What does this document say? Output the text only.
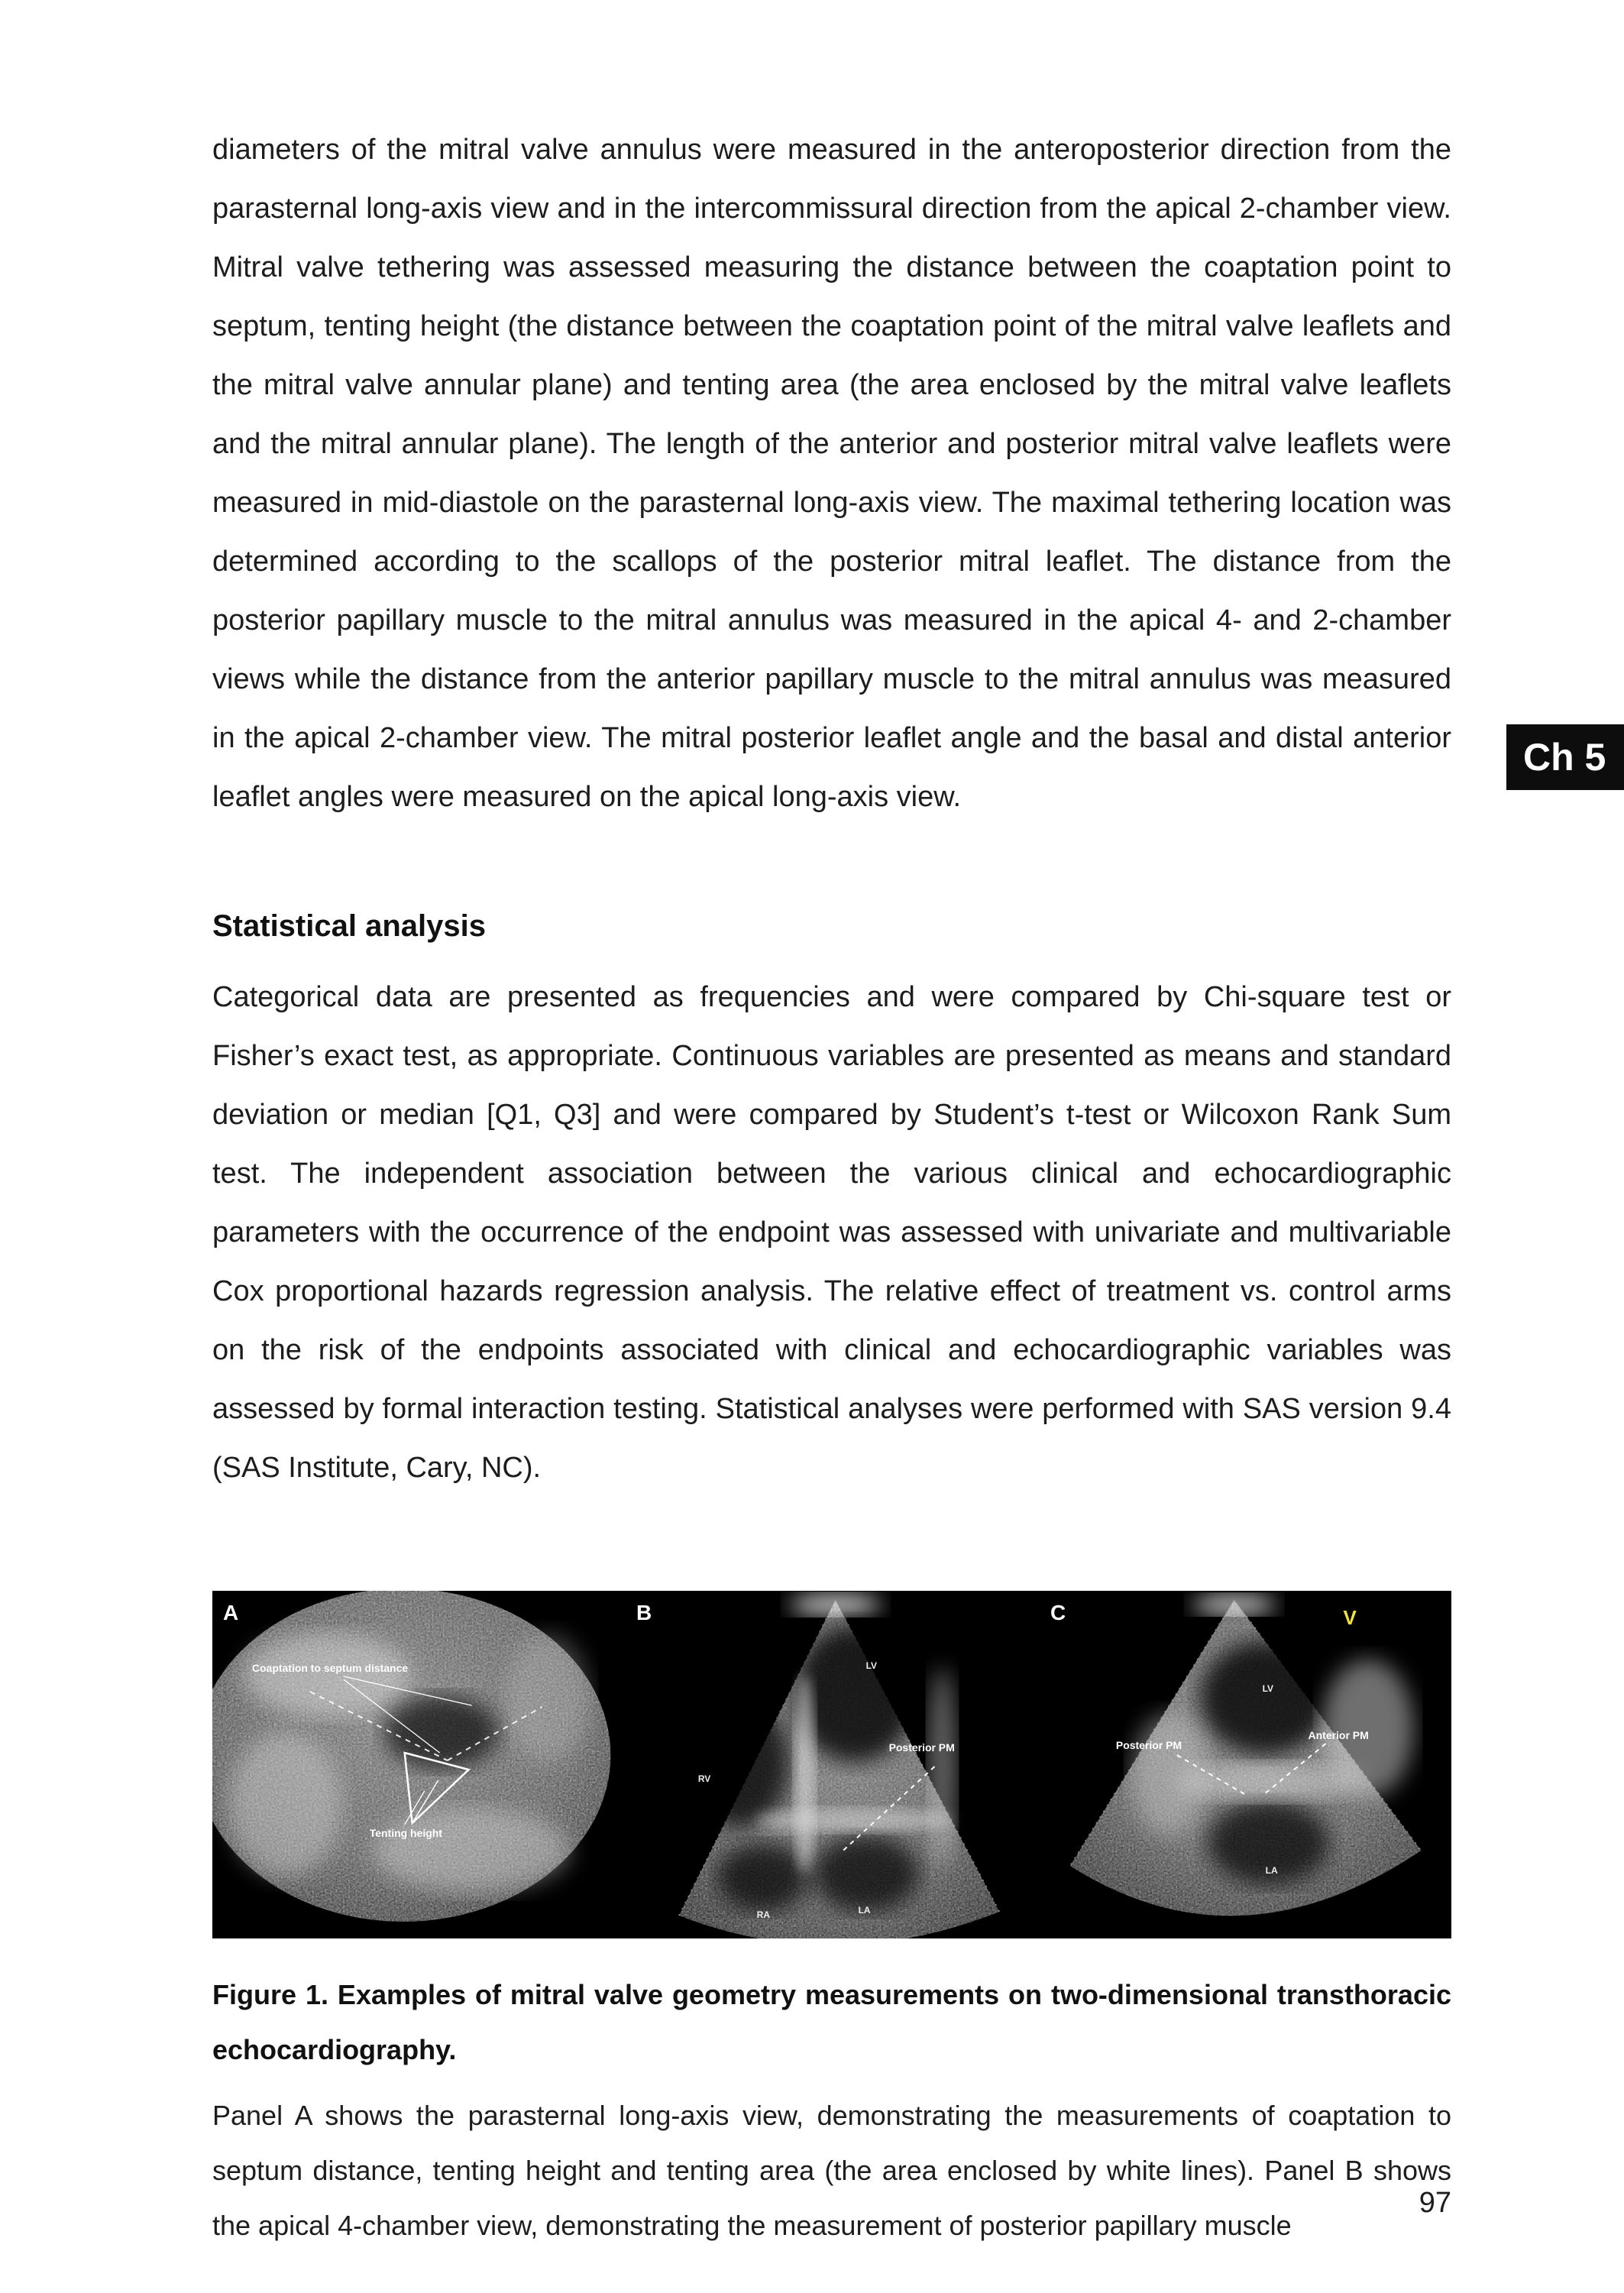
diameters of the mitral valve annulus were measured in the anteroposterior direction from the parasternal long-axis view and in the intercommissural direction from the apical 2-chamber view. Mitral valve tethering was assessed measuring the distance between the coaptation point to septum, tenting height (the distance between the coaptation point of the mitral valve leaflets and the mitral valve annular plane) and tenting area (the area enclosed by the mitral valve leaflets and the mitral annular plane). The length of the anterior and posterior mitral valve leaflets were measured in mid-diastole on the parasternal long-axis view. The maximal tethering location was determined according to the scallops of the posterior mitral leaflet. The distance from the posterior papillary muscle to the mitral annulus was measured in the apical 4- and 2-chamber views while the distance from the anterior papillary muscle to the mitral annulus was measured in the apical 2-chamber view. The mitral posterior leaflet angle and the basal and distal anterior leaflet angles were measured on the apical long-axis view.

Statistical analysis

Categorical data are presented as frequencies and were compared by Chi-square test or Fisher’s exact test, as appropriate. Continuous variables are presented as means and standard deviation or median [Q1, Q3] and were compared by Student’s t-test or Wilcoxon Rank Sum test. The independent association between the various clinical and echocardiographic parameters with the occurrence of the endpoint was assessed with univariate and multivariable Cox proportional hazards regression analysis. The relative effect of treatment vs. control arms on the risk of the endpoints associated with clinical and echocardiographic variables was assessed by formal interaction testing. Statistical analyses were performed with SAS version 9.4 (SAS Institute, Cary, NC).

A
Coaptation to septum distance
Tenting height
B
LV
Posterior PM
RV
RA	LA
C	V
LV
Posterior PM
Anterior PM
LA

Figure 1. Examples of mitral valve geometry measurements on two-dimensional transthoracic echocardiography.

Panel A shows the parasternal long-axis view, demonstrating the measurements of coaptation to septum distance, tenting height and tenting area (the area enclosed by white lines). Panel B shows the apical 4-chamber view, demonstrating the measurement of posterior papillary muscle

Ch 5
97
